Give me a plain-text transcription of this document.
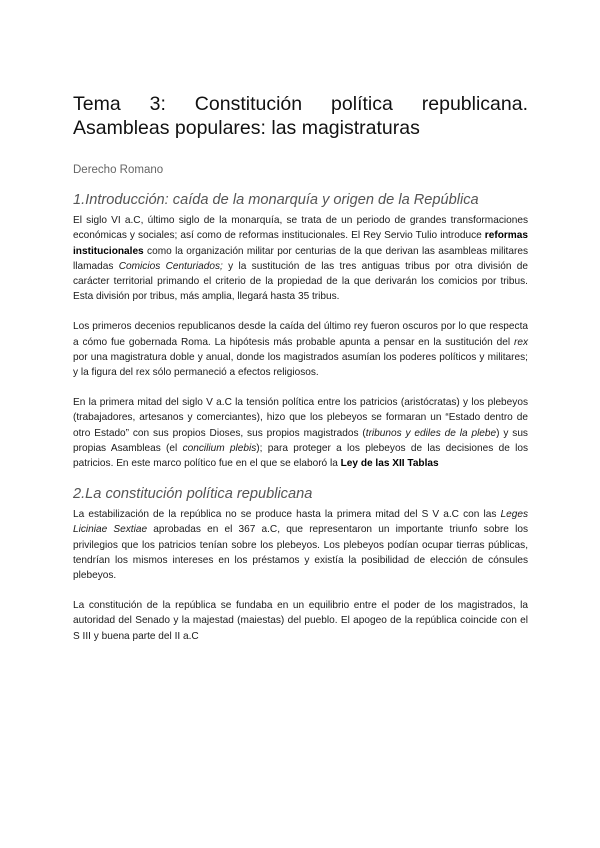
Tema 3: Constitución política republicana. Asambleas populares: las magistraturas
Derecho Romano
1.Introducción: caída de la monarquía y origen de la República

El siglo VI a.C, último siglo de la monarquía, se trata de un periodo de grandes transformaciones económicas y sociales; así como de reformas institucionales. El Rey Servio Tulio introduce reformas institucionales como la organización militar por centurias de la que derivan las asambleas militares llamadas Comicios Centuriados; y la sustitución de las tres antiguas tribus por otra división de carácter territorial primando el criterio de la propiedad de la que derivarán los comicios por tribus. Esta división por tribus, más amplia, llegará hasta 35 tribus.

Los primeros decenios republicanos desde la caída del último rey fueron oscuros por lo que respecta a cómo fue gobernada Roma. La hipótesis más probable apunta a pensar en la sustitución del rex por una magistratura doble y anual, donde los magistrados asumían los poderes políticos y militares; y la figura del rex sólo permaneció a efectos religiosos.

En la primera mitad del siglo V a.C la tensión política entre los patricios (aristócratas) y los plebeyos (trabajadores, artesanos y comerciantes), hizo que los plebeyos se formaran un “Estado dentro de otro Estado” con sus propios Dioses, sus propios magistrados (tribunos y ediles de la plebe) y sus propias Asambleas (el concilium plebis); para proteger a los plebeyos de las decisiones de los patricios. En este marco político fue en el que se elaboró la Ley de las XII Tablas

2.La constitución política republicana

La estabilización de la república no se produce hasta la primera mitad del S V a.C con las Leges Liciniae Sextiae aprobadas en el 367 a.C, que representaron un importante triunfo sobre los privilegios que los patricios tenían sobre los plebeyos. Los plebeyos podían ocupar tierras públicas, tendrían los mismos intereses en los préstamos y existía la posibilidad de elección de cónsules plebeyos.

La constitución de la república se fundaba en un equilibrio entre el poder de los magistrados, la autoridad del Senado y la majestad (maiestas) del pueblo. El apogeo de la república coincide con el S III y buena parte del II a.C
